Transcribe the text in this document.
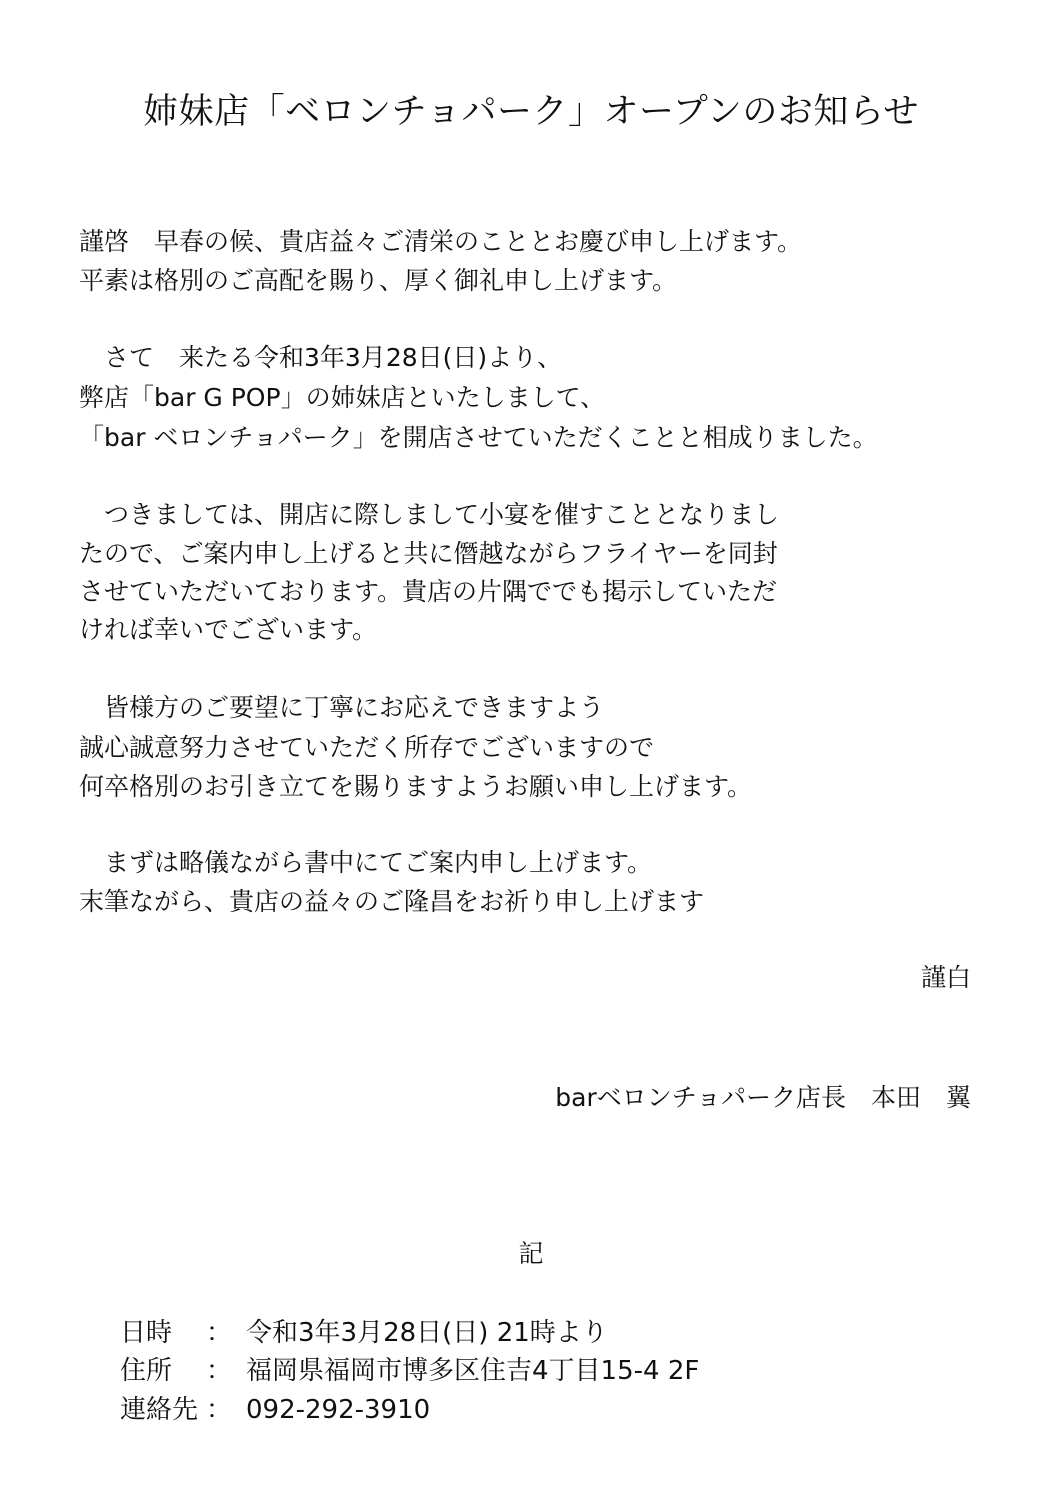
姉妹店「ベロンチョパーク」オープンのお知らせ
謹啓　早春の候、貴店益々ご清栄のこととお慶び申し上げます。
平素は格別のご高配を賜り、厚く御礼申し上げます。
　さて　来たる令和3年3月28日(日)より、
弊店「bar G POP」の姉妹店といたしまして、
「bar ベロンチョパーク」を開店させていただくことと相成りました。
　つきましては、開店に際しまして小宴を催すこととなりまし
たので、ご案内申し上げると共に僭越ながらフライヤーを同封
させていただいております。貴店の片隅ででも掲示していただ
ければ幸いでございます。
　皆様方のご要望に丁寧にお応えできますよう
誠心誠意努力させていただく所存でございますので
何卒格別のお引き立てを賜りますようお願い申し上げます。
　まずは略儀ながら書中にてご案内申し上げます。
末筆ながら、貴店の益々のご隆昌をお祈り申し上げます
謹白
barベロンチョパーク店長　本田　翼
記
日時 ： 令和3年3月28日(日) 21時より
住所 ： 福岡県福岡市博多区住吉4丁目15-4 2F
連絡先 ： 092-292-3910
